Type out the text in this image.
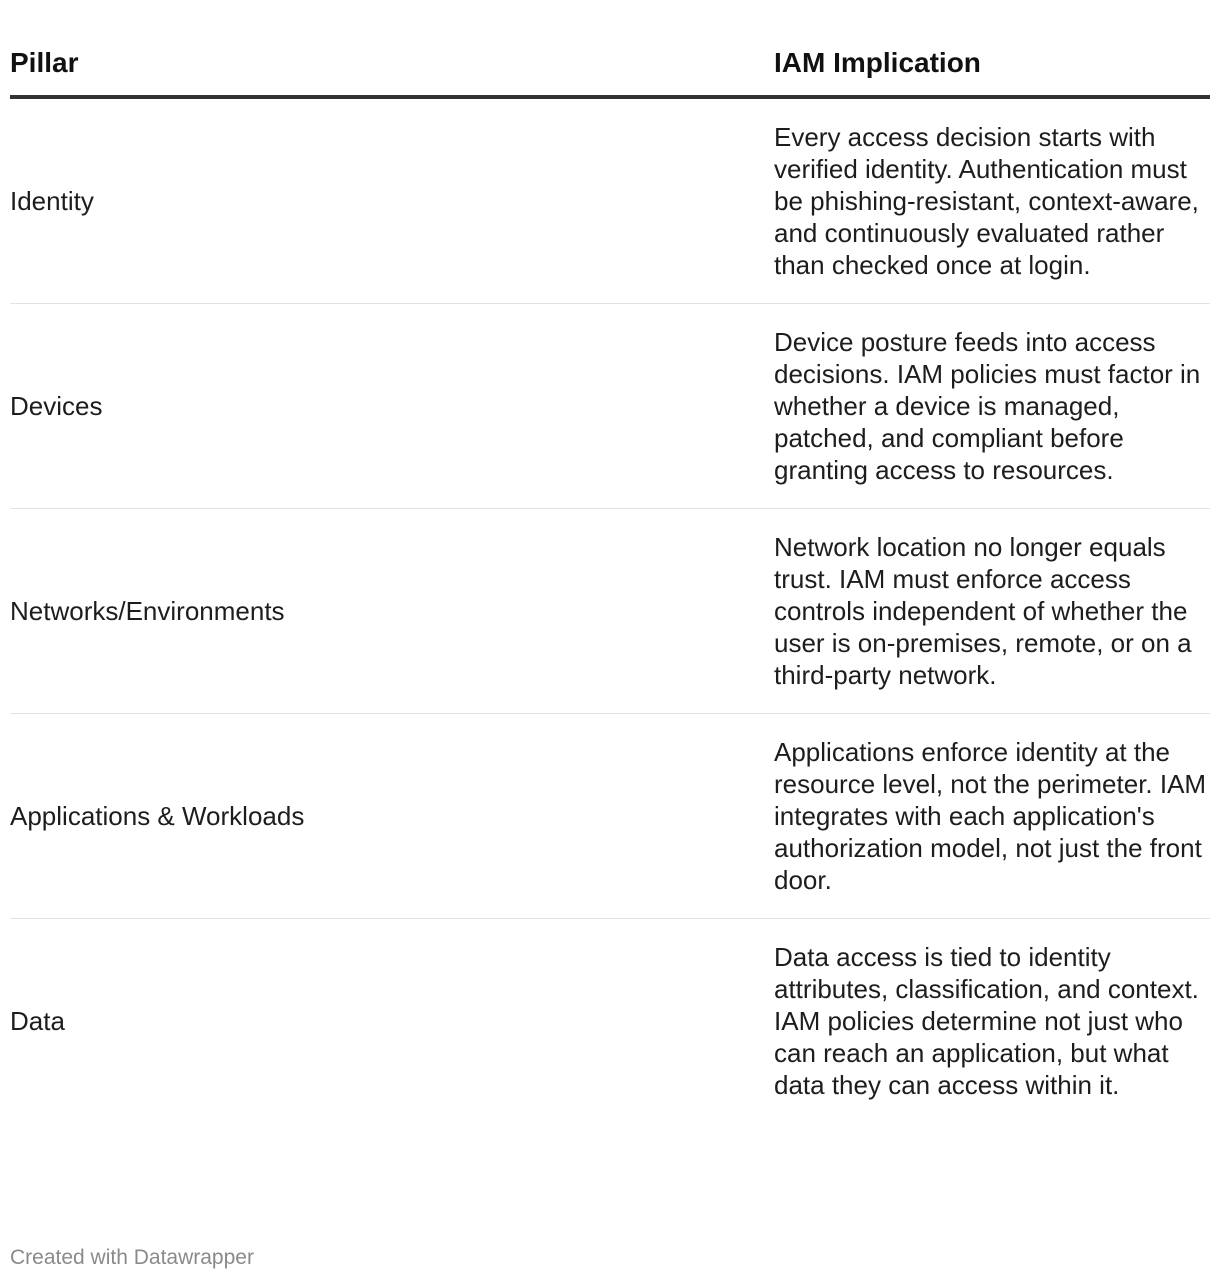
Pillar	IAM Implication
Identity	Every access decision starts with verified identity. Authentication must be phishing-resistant, context-aware, and continuously evaluated rather than checked once at login.
Devices	Device posture feeds into access decisions. IAM policies must factor in whether a device is managed, patched, and compliant before granting access to resources.
Networks/Environments	Network location no longer equals trust. IAM must enforce access controls independent of whether the user is on-premises, remote, or on a third-party network.
Applications & Workloads	Applications enforce identity at the resource level, not the perimeter. IAM integrates with each application's authorization model, not just the front door.
Data	Data access is tied to identity attributes, classification, and context. IAM policies determine not just who can reach an application, but what data they can access within it.
Created with Datawrapper
